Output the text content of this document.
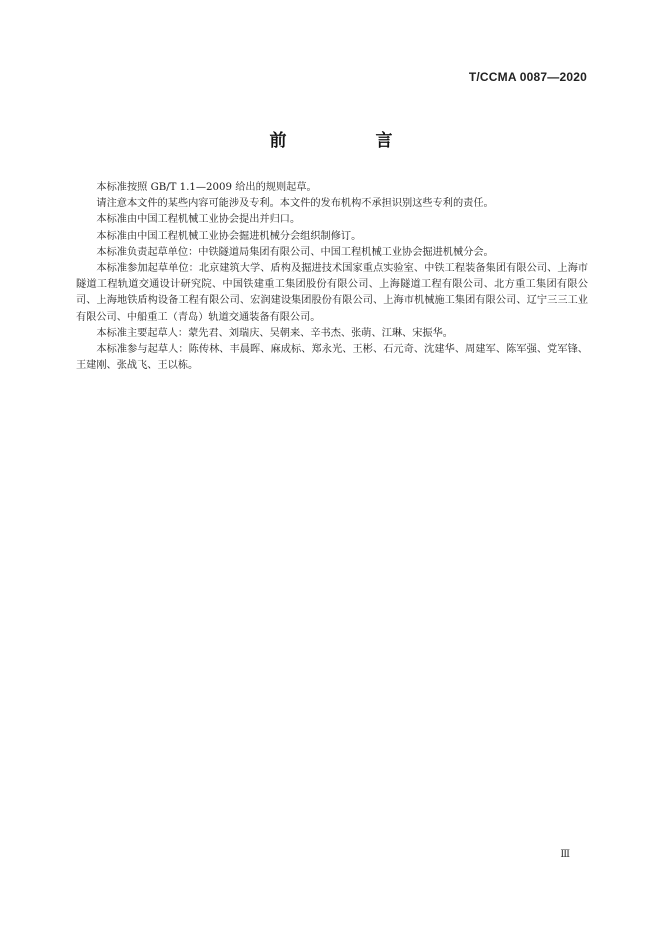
T/CCMA 0087—2020
前　言

本标准按照 GB/T 1.1—2009 给出的规则起草。

请注意本文件的某些内容可能涉及专利。本文件的发布机构不承担识别这些专利的责任。

本标准由中国工程机械工业协会提出并归口。

本标准由中国工程机械工业协会掘进机械分会组织制修订。

本标准负责起草单位：中铁隧道局集团有限公司、中国工程机械工业协会掘进机械分会。

本标准参加起草单位：北京建筑大学、盾构及掘进技术国家重点实验室、中铁工程装备集团有限公司、上海市隧道工程轨道交通设计研究院、中国铁建重工集团股份有限公司、上海隧道工程有限公司、北方重工集团有限公司、上海地铁盾构设备工程有限公司、宏润建设集团股份有限公司、上海市机械施工集团有限公司、辽宁三三工业有限公司、中船重工（青岛）轨道交通装备有限公司。

本标准主要起草人：蒙先君、刘瑞庆、吴朝来、辛书杰、张萌、江琳、宋振华。

本标准参与起草人：陈传林、丰晨晖、麻成标、郑永光、王彬、石元奇、沈建华、周建军、陈军强、党军锋、王建刚、张战飞、王以栋。

Ⅲ
